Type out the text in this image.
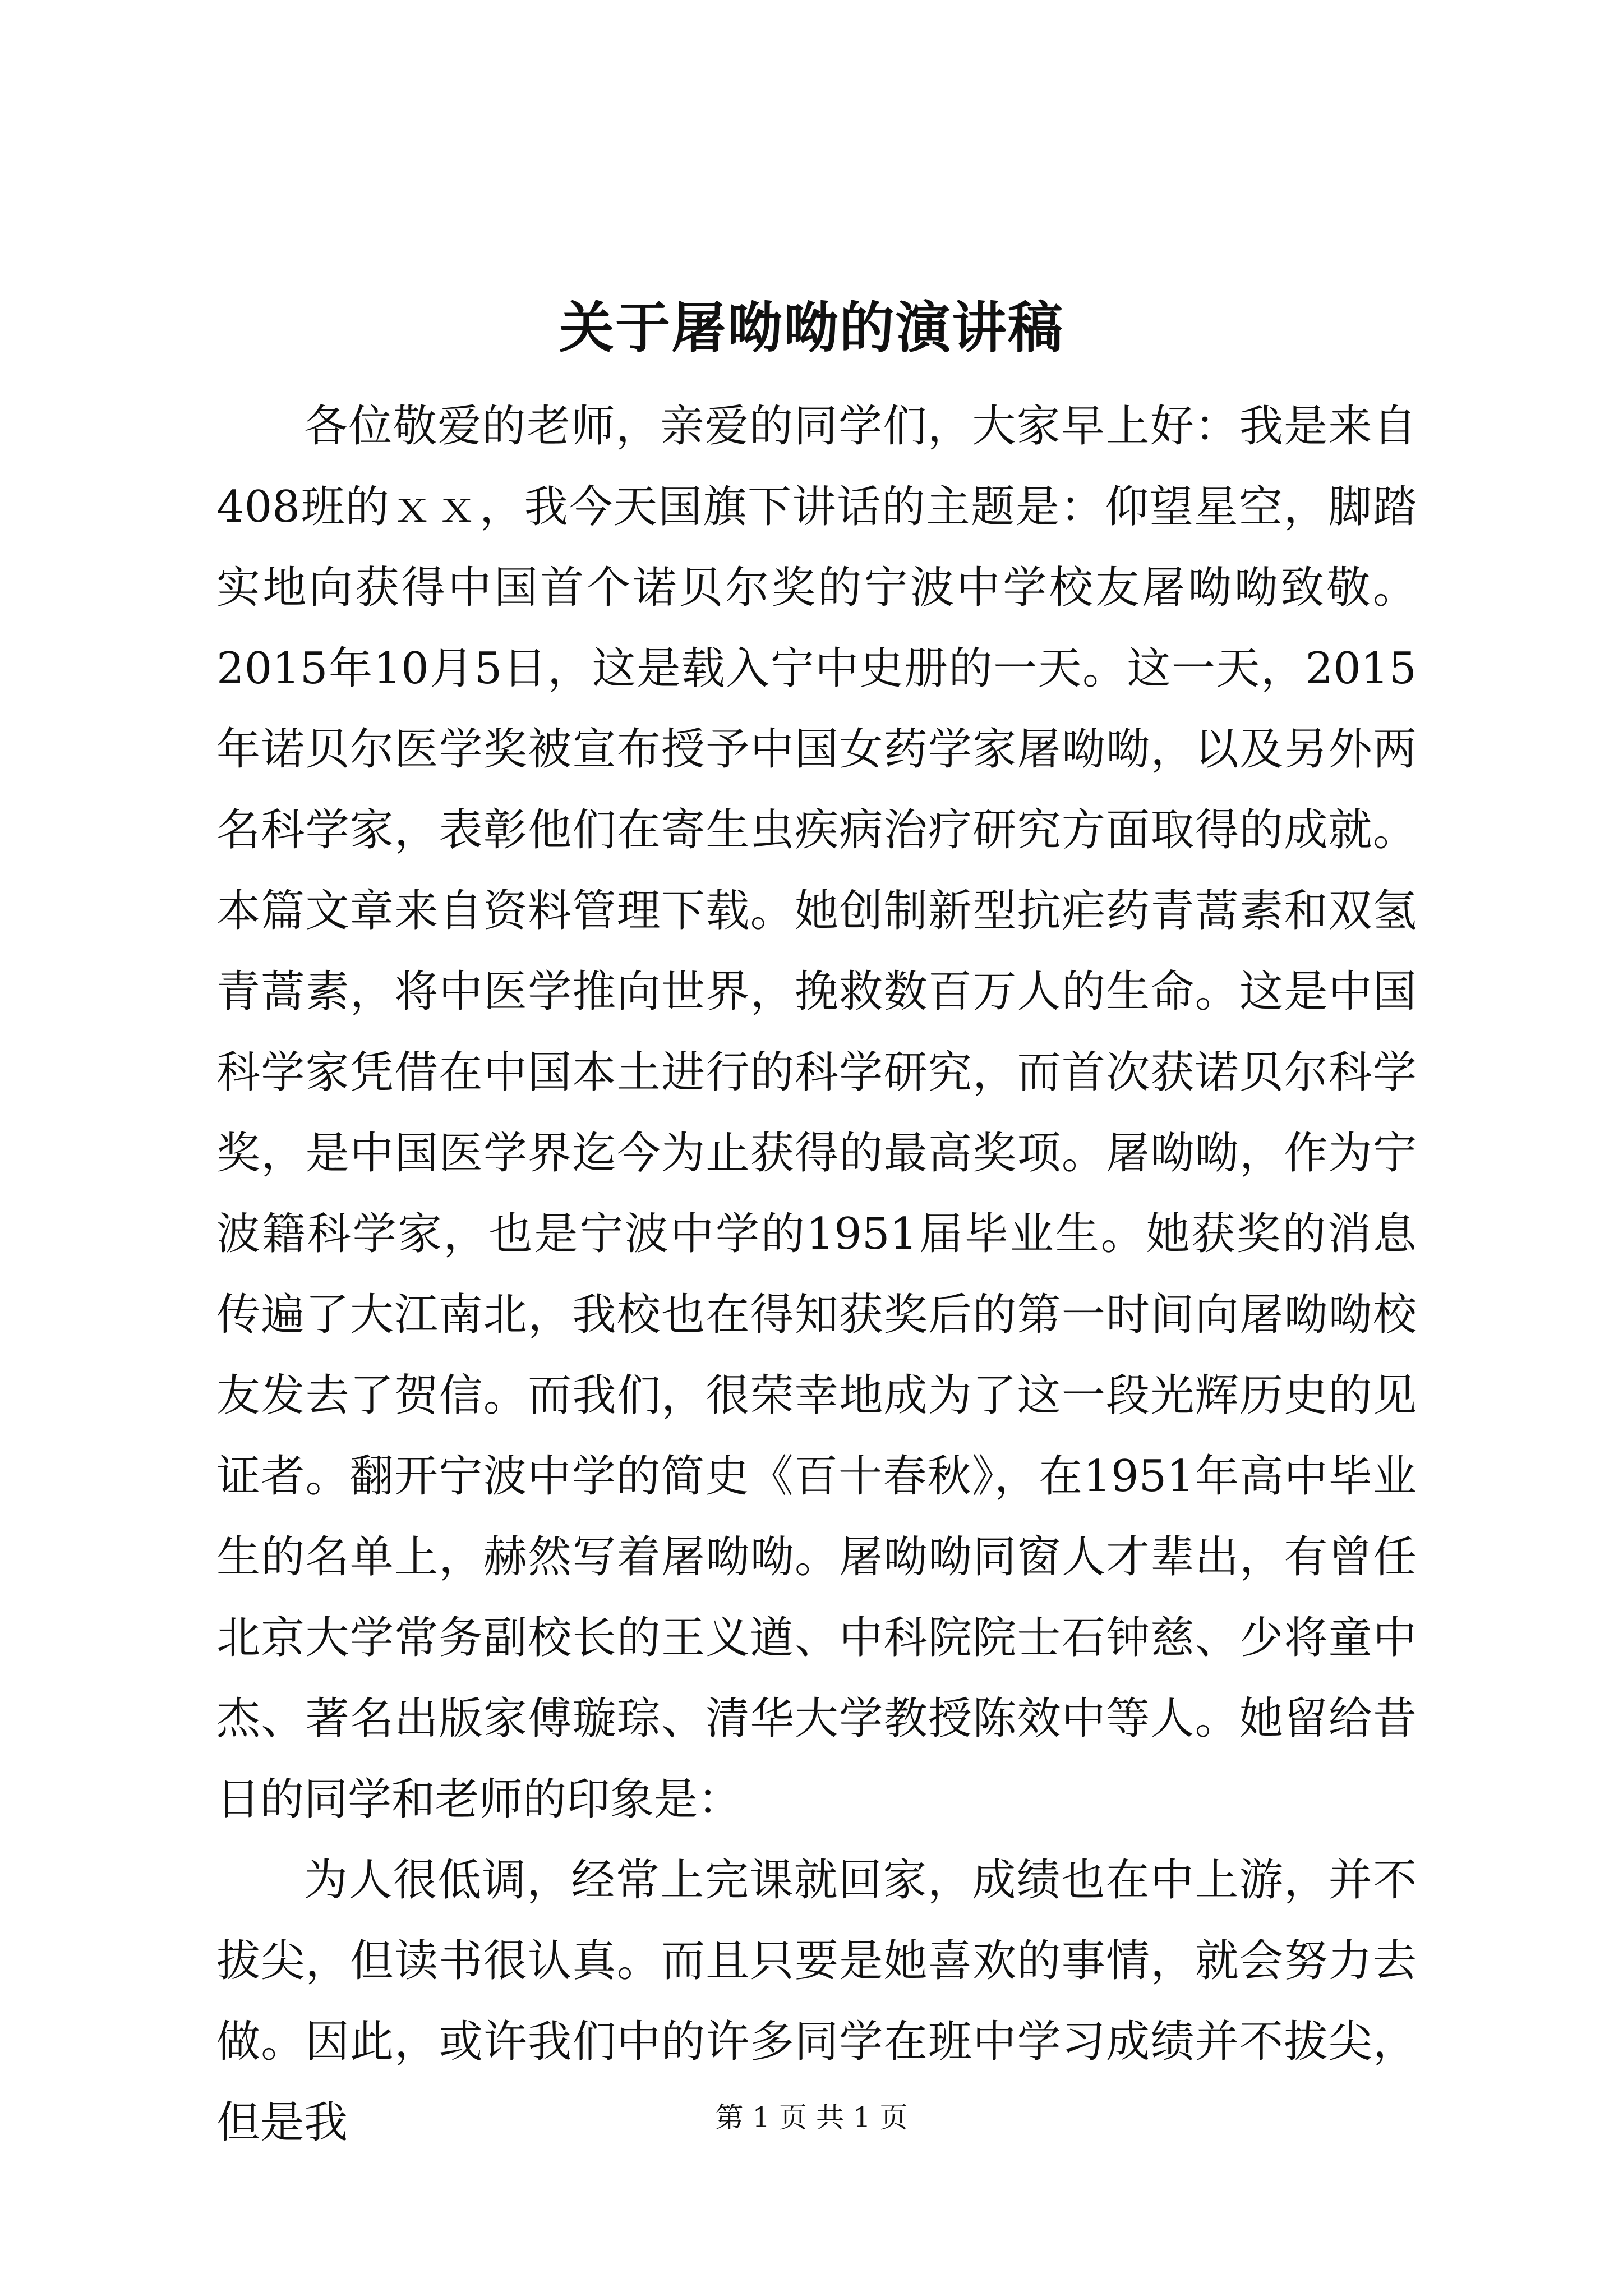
关于屠呦呦的演讲稿

各位敬爱的老师，亲爱的同学们，大家早上好：我是来自408班的ｘｘ，我今天国旗下讲话的主题是：仰望星空，脚踏实地向获得中国首个诺贝尔奖的宁波中学校友屠呦呦致敬。2015年10月5日，这是载入宁中史册的一天。这一天，2015年诺贝尔医学奖被宣布授予中国女药学家屠呦呦，以及另外两名科学家，表彰他们在寄生虫疾病治疗研究方面取得的成就。本篇文章来自资料管理下载。她创制新型抗疟药青蒿素和双氢青蒿素，将中医学推向世界，挽救数百万人的生命。这是中国科学家凭借在中国本土进行的科学研究，而首次获诺贝尔科学奖，是中国医学界迄今为止获得的最高奖项。屠呦呦，作为宁波籍科学家，也是宁波中学的1951届毕业生。她获奖的消息传遍了大江南北，我校也在得知获奖后的第一时间向屠呦呦校友发去了贺信。而我们，很荣幸地成为了这一段光辉历史的见证者。翻开宁波中学的简史《百十春秋》，在1951年高中毕业生的名单上，赫然写着屠呦呦。屠呦呦同窗人才辈出，有曾任北京大学常务副校长的王义遒、中科院院士石钟慈、少将童中杰、著名出版家傅璇琮、清华大学教授陈效中等人。她留给昔日的同学和老师的印象是：

为人很低调，经常上完课就回家，成绩也在中上游，并不拔尖，但读书很认真。而且只要是她喜欢的事情，就会努力去做。因此，或许我们中的许多同学在班中学习成绩并不拔尖，但是我	第 1 页 共 1 页
